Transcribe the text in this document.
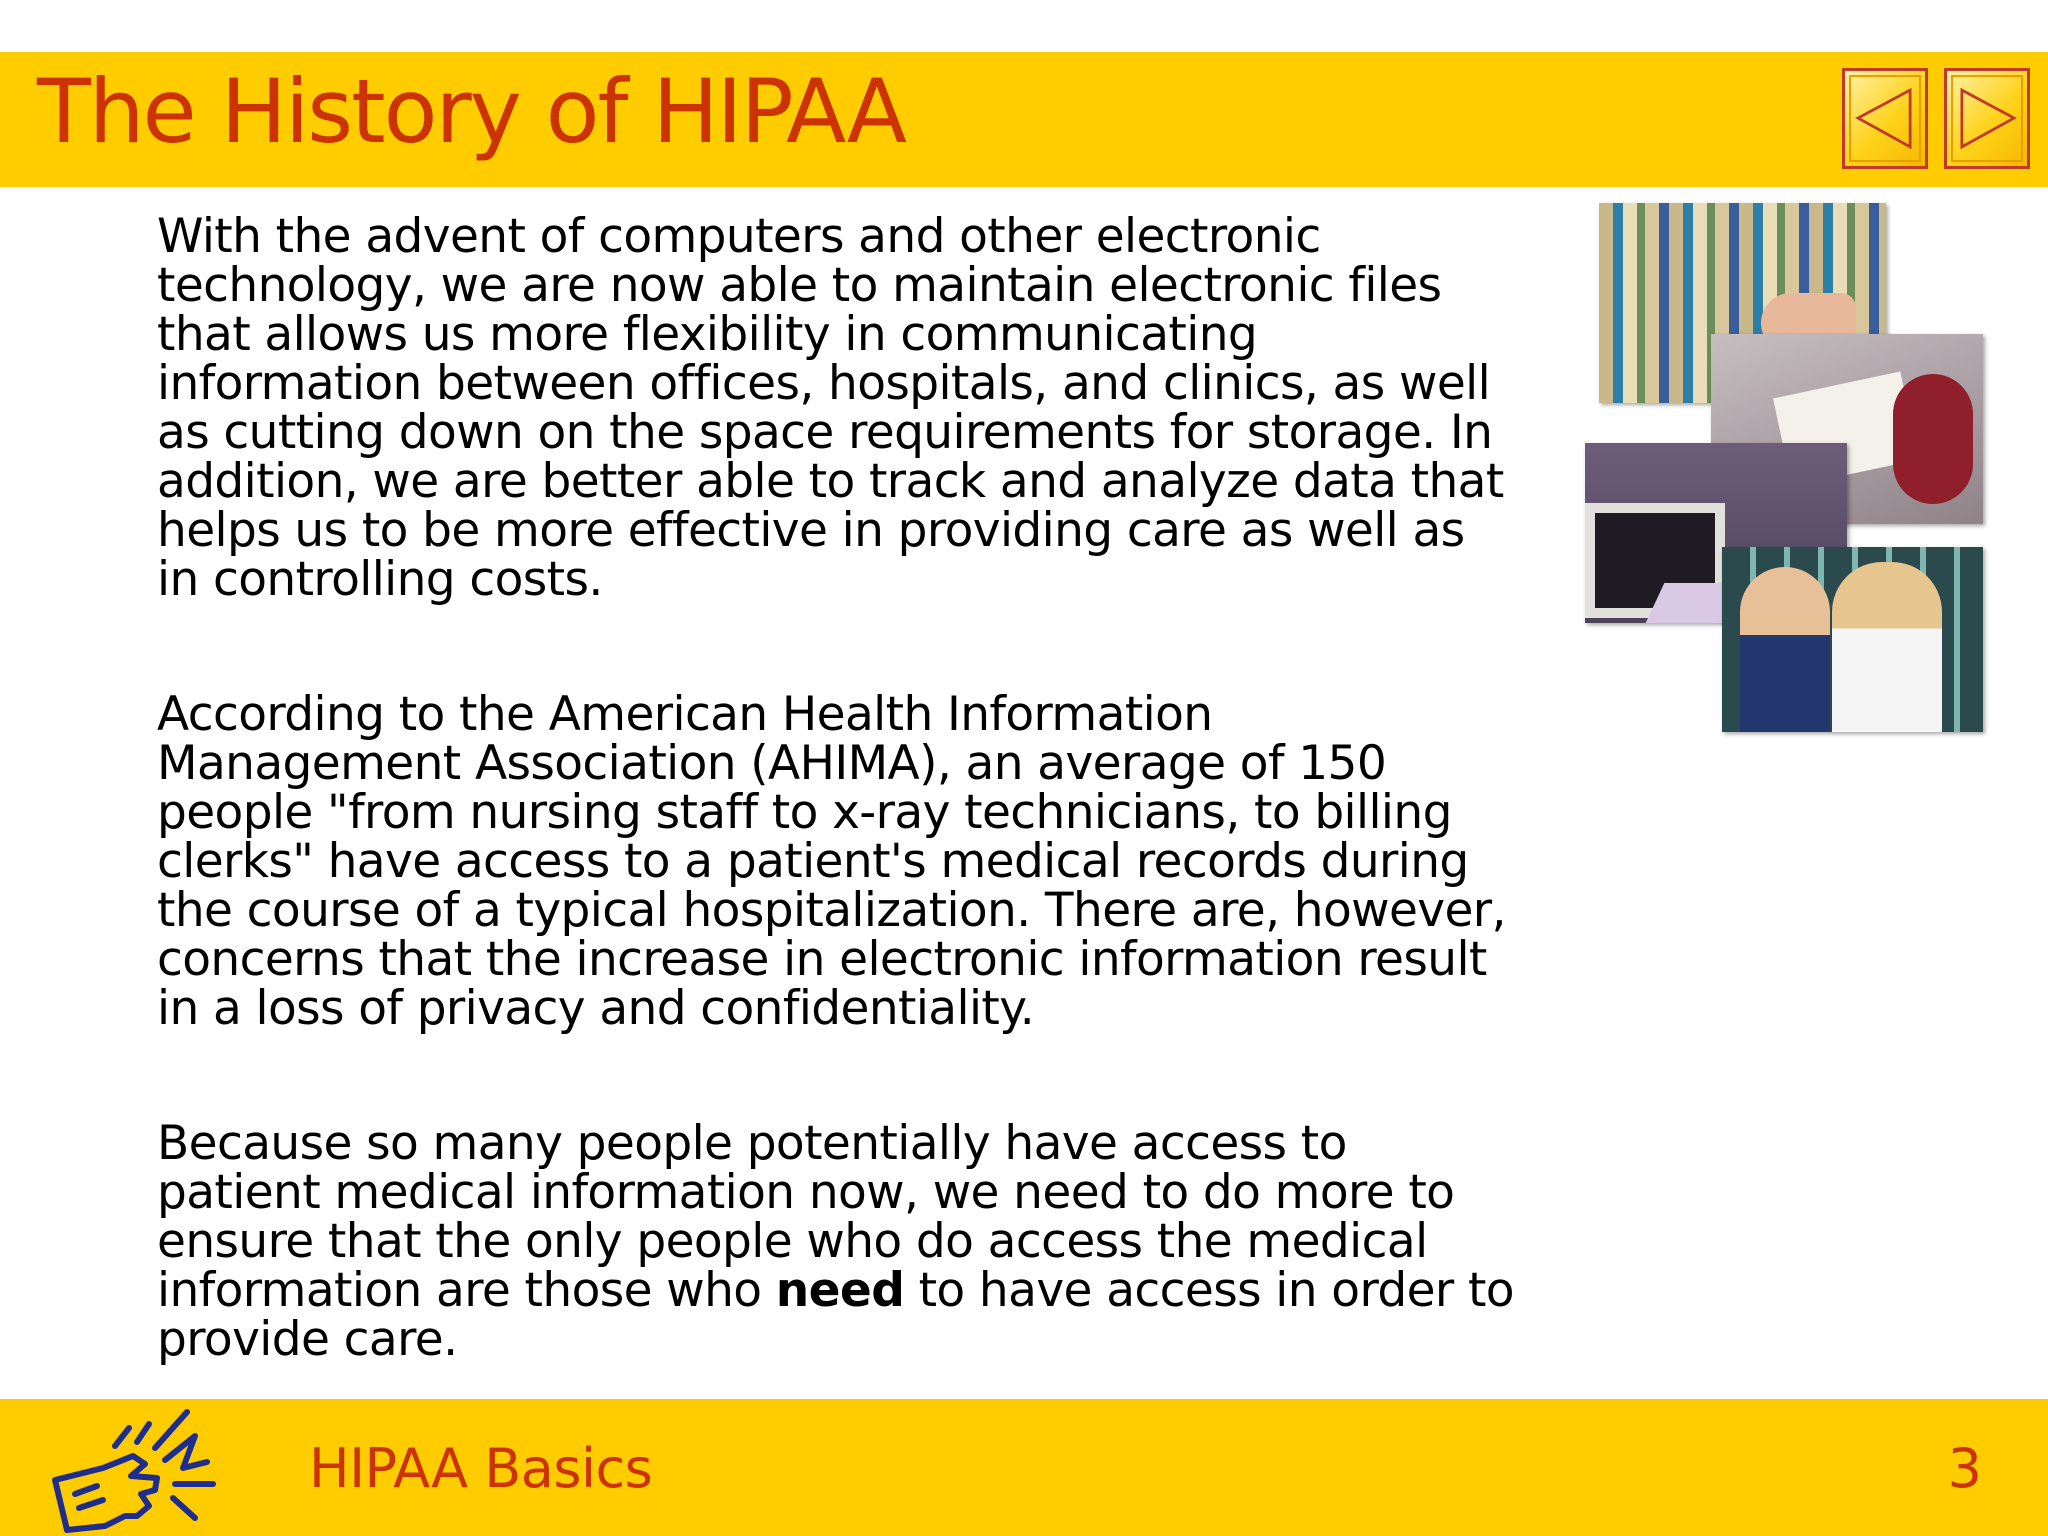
The History of HIPAA

With the advent of computers and other electronic technology, we are now able to maintain electronic files that allows us more flexibility in communicating information between offices, hospitals, and clinics, as well as cutting down on the space requirements for storage. In addition, we are better able to track and analyze data that helps us to be more effective in providing care as well as in controlling costs.

According to the American Health Information Management Association (AHIMA), an average of 150 people "from nursing staff to x-ray technicians, to billing clerks" have access to a patient's medical records during the course of a typical hospitalization. There are, however, concerns that the increase in electronic information result in a loss of privacy and confidentiality.

Because so many people potentially have access to patient medical information now, we need to do more to ensure that the only people who do access the medical information are those who need to have access in order to provide care.

HIPAA Basics	3
